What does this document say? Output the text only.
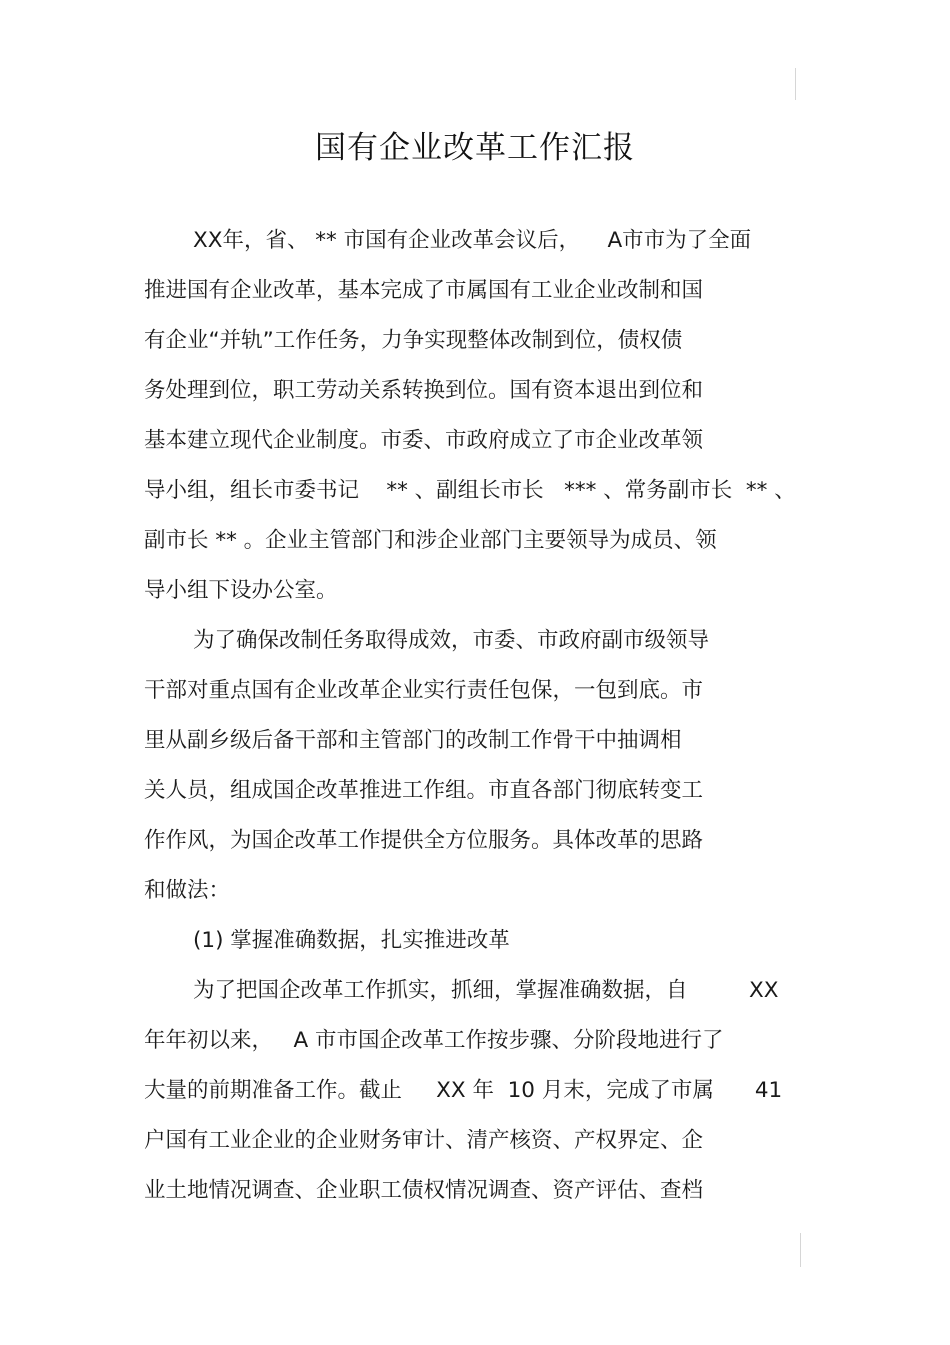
国有企业改革工作汇报
XX年，省、 ** 市国有企业改革会议后，    A市市为了全面
推进国有企业改革，基本完成了市属国有工业企业改制和国
有企业“并轨”工作任务，力争实现整体改制到位，债权债
务处理到位，职工劳动关系转换到位。国有资本退出到位和
基本建立现代企业制度。市委、市政府成立了市企业改革领
导小组，组长市委书记    ** 、副组长市长   *** 、常务副市长  ** 、
副市长 ** 。企业主管部门和涉企业部门主要领导为成员、领
导小组下设办公室。
为了确保改制任务取得成效，市委、市政府副市级领导
干部对重点国有企业改革企业实行责任包保，一包到底。市
里从副乡级后备干部和主管部门的改制工作骨干中抽调相
关人员，组成国企改革推进工作组。市直各部门彻底转变工
作作风，为国企改革工作提供全方位服务。具体改革的思路
和做法：
(1) 掌握准确数据，扎实推进改革
为了把国企改革工作抓实，抓细，掌握准确数据，自         XX
年年初以来，   A 市市国企改革工作按步骤、分阶段地进行了
大量的前期准备工作。截止     XX 年  10 月末，完成了市属      41
户国有工业企业的企业财务审计、清产核资、产权界定、企
业土地情况调查、企业职工债权情况调查、资产评估、查档
